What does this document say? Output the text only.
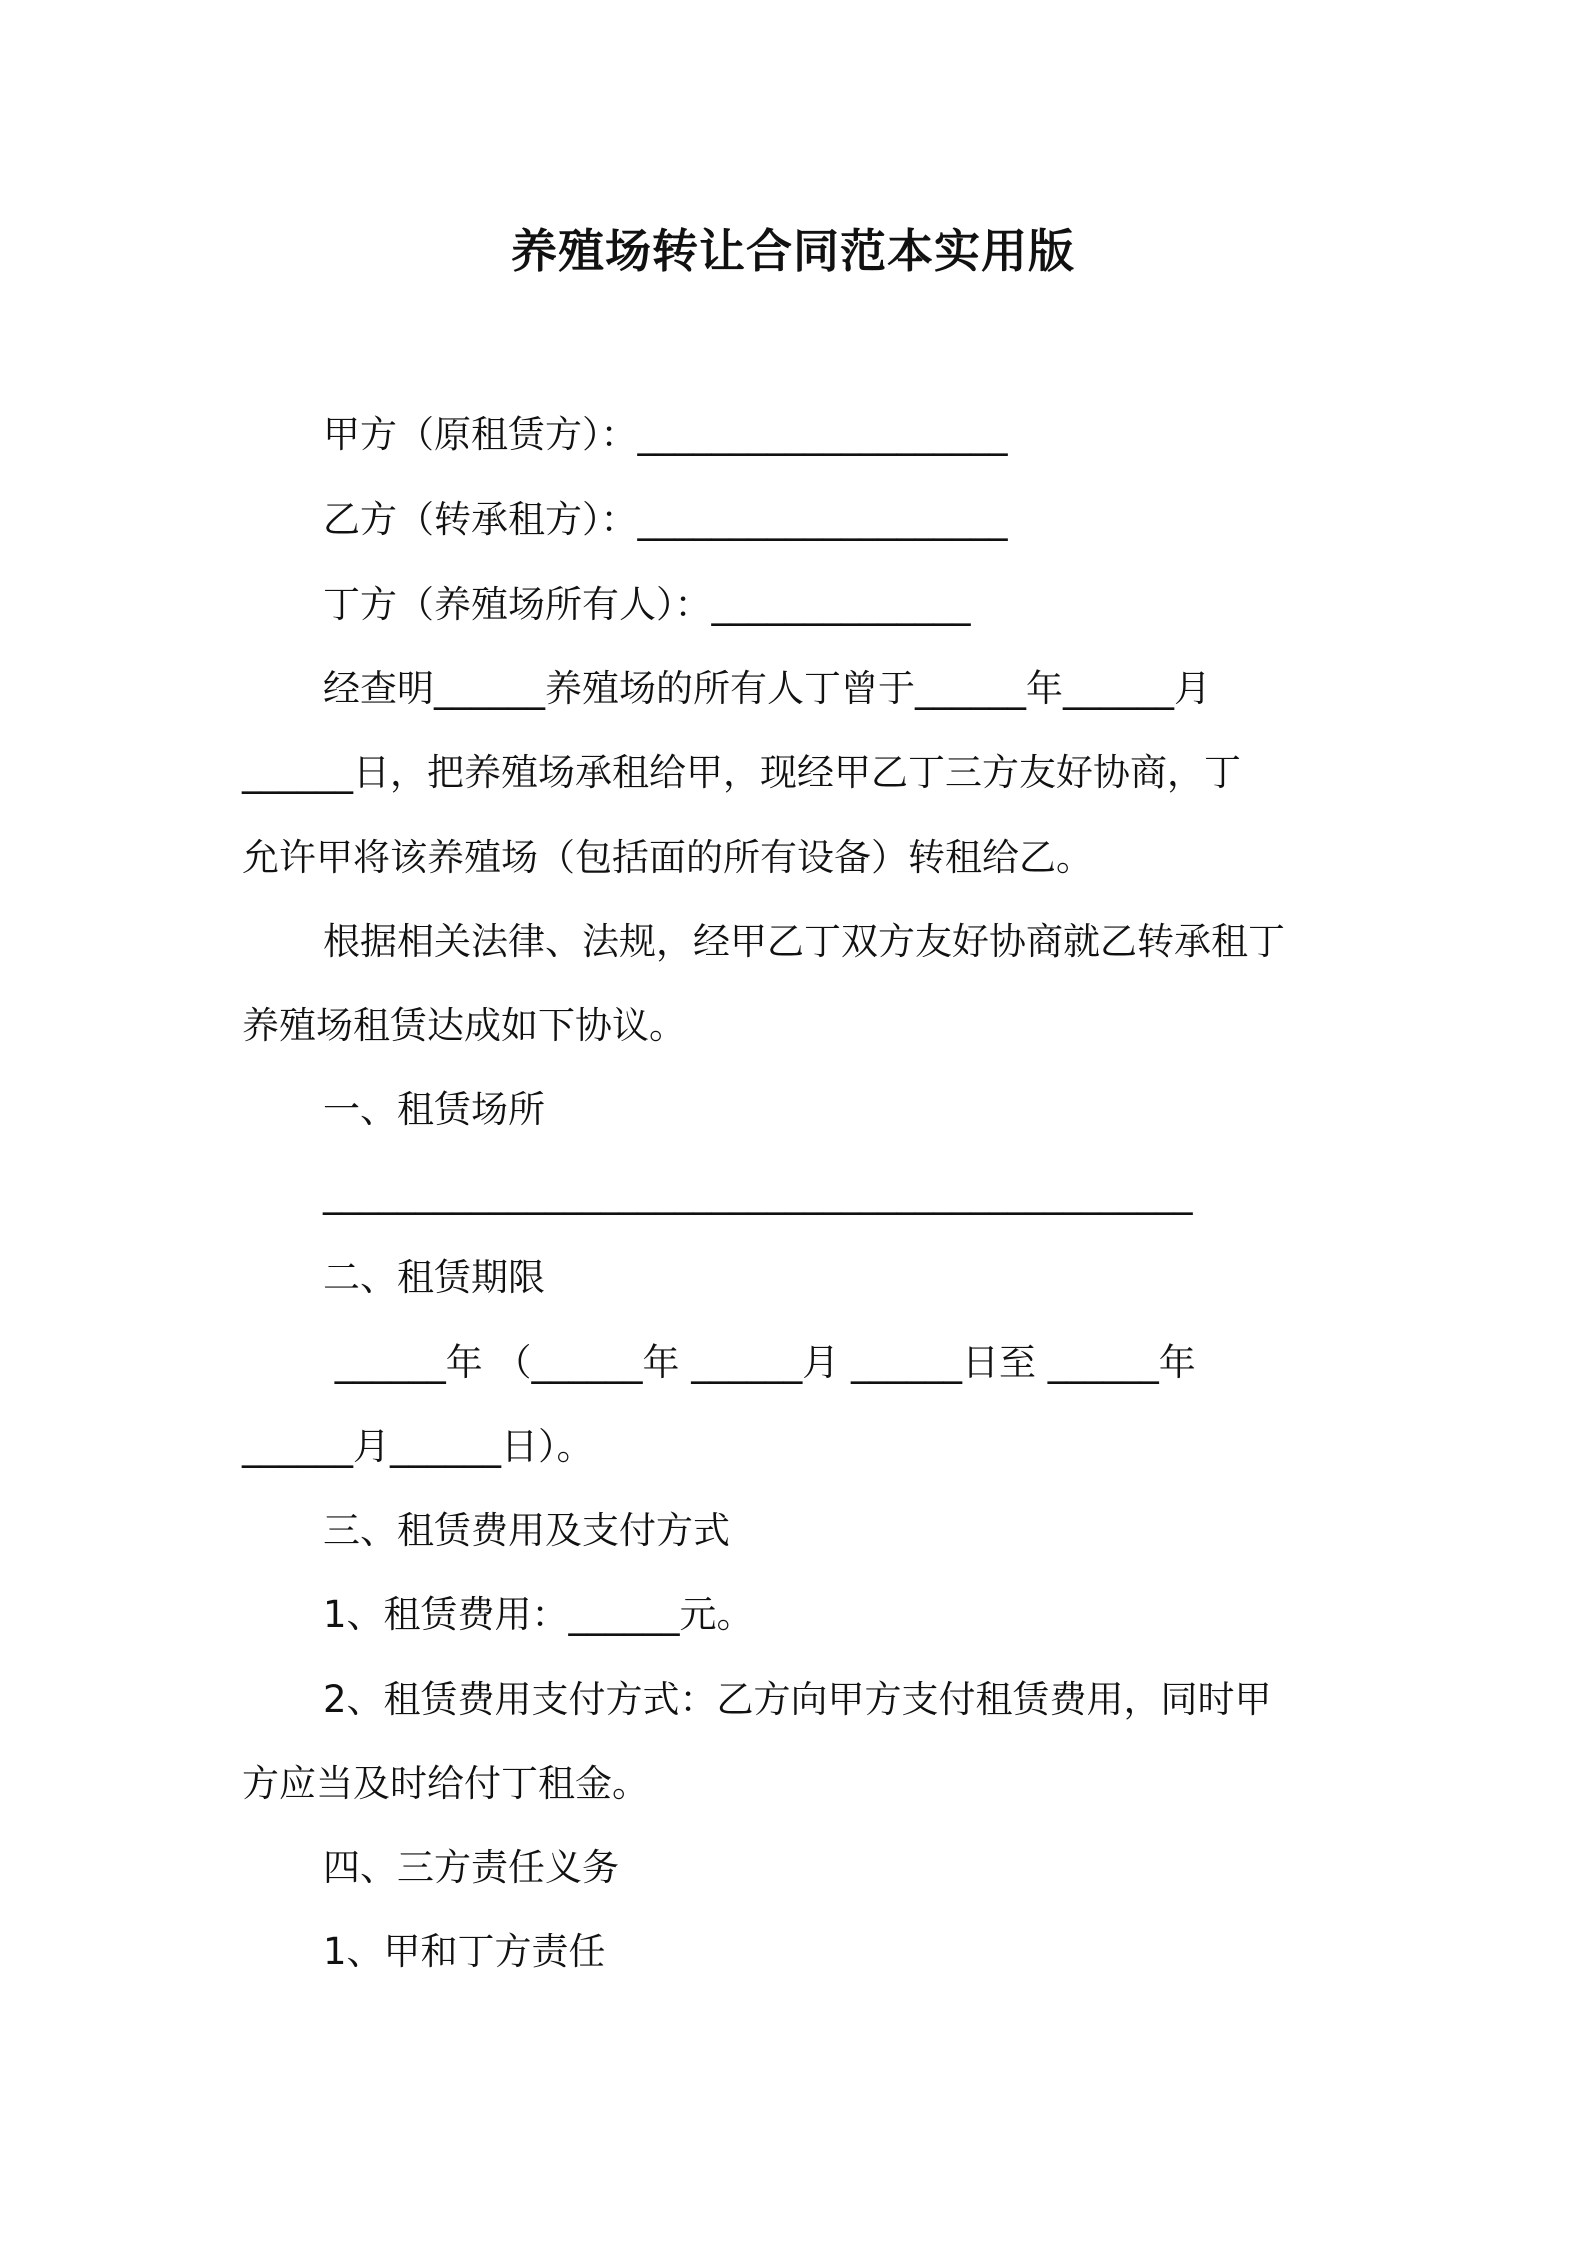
养殖场转让合同范本实用版
甲方（原租赁方）：____________________
乙方（转承租方）：____________________
丁方（养殖场所有人）：______________
经查明______养殖场的所有人丁曾于______年______月
______日，把养殖场承租给甲，现经甲乙丁三方友好协商，丁
允许甲将该养殖场（包括面的所有设备）转租给乙。
根据相关法律、法规，经甲乙丁双方友好协商就乙转承租丁
养殖场租赁达成如下协议。
一、租赁场所
_______________________________________________
二、租赁期限
______年 （______年 ______月 ______日至 ______年
______月______日）。
三、租赁费用及支付方式
1、租赁费用：______元。
2、租赁费用支付方式：乙方向甲方支付租赁费用，同时甲
方应当及时给付丁租金。
四、三方责任义务
1、甲和丁方责任
